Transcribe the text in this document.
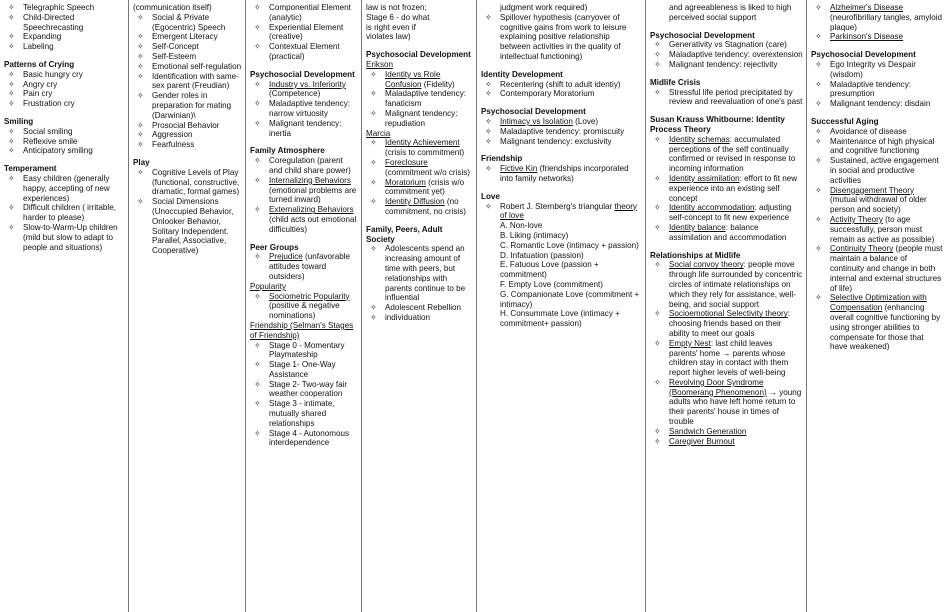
✧ Telegraphic Speech
✧ Child-Directed Speechrecasting
✧ Expanding
✧ Labeling
Patterns of Crying
✧ Basic hungry cry
✧ Angry cry
✧ Pain cry
✧ Frustration cry
Smiling
✧ Social smiling
✧ Reflexive smile
✧ Anticipatory smiling
Temperament
✧ Easy children (generally happy, accepting of new experiences)
✧ Difficult children ( irritable, harder to please)
✧ Slow-to-Warm-Up children (mild but slow to adapt to people and situations)
(communication itself)
✧ Social & Private (Egocentric) Speech
✧ Emergent Literacy
✧ Self-Concept
✧ Self-Esteem
✧ Emotional self-regulation
✧ Identification with same-sex parent (Freudian)
✧ Gender roles in preparation for mating (Darwinian)\
✧ Prosocial Behavior
✧ Aggression
✧ Fearfulness
Play
✧ Cognitive Levels of Play (functional, constructive, dramatic, formal games)
✧ Social Dimensions (Unoccupied Behavior, Onlooker Behavior, Solitary Independent. Parallel, Associative, Cooperative)
✧ Componential Element (analytic)
✧ Experiential Element (creative)
✧ Contextual Element (practical)
Psychosocial Development
✧ Industry vs. Inferiority (Competence)
✧ Maladaptive tendency: narrow virtuosity
✧ Malignant tendency: inertia
Family Atmosphere
✧ Coregulation (parent and child share power)
✧ Internalizing Behaviors (emotional problems are turned inward)
✧ Externalizing Behaviors (child acts out emotional difficulties)
Peer Groups
✧ Prejudice (unfavorable attitudes toward outsiders)
Popularity
✧ Sociometric Popularity (positive & negative nominations)
Friendship (Selman's Stages of Friendship)
✧ Stage 0 - Momentary Playmateship
✧ Stage 1- One-Way Assistance
✧ Stage 2- Two-way fair weather cooperation
✧ Stage 3 - intimate, mutually shared relationships
✧ Stage 4 - Autonomous interdependence
law is not frozen;
Stage 6 - do what
is right even if
violates law)
Psychosocial Development
Erikson
✧ Identity vs Role Confusion (Fidelity)
✧ Maladaptive tendency: fanaticism
✧ Malignant tendency: repudiation
Marcia
✧ Identity Achievement (crisis to commitment)
✧ Foreclosure (commitment w/o crisis)
✧ Moratorium (crisis w/o commitment yet)
✧ Identity Diffusion (no commitment, no crisis)
Family, Peers, Adult Society
✧ Adolescents spend an increasing amount of time with peers, but relationships with parents continue to be influential
✧ Adolescent Rebellion
✧ individuation
judgment work required)
✧ Spillover hypothesis (carryover of cognitive gains from work to leisure explaining positive relationship between activities in the quality of intellectual functioning)
Identity Development
✧ Recentering (shift to adult identiy)
✧ Contemporary Moratorium
Psychosocial Development
✧ Intimacy vs Isolation (Love)
✧ Maladaptive tendency: promiscuity
✧ Malignant tendency: exclusivity
Friendship
✧ Fictive Kin (friendships incorporated into family networks)
Love
✧ Robert J. Sternberg's triangular theory of love
A. Non-love
B. Liking (intimacy)
C. Romantic Love (intimacy + passion)
D. Infatuation (passion)
E. Fatuous Love (passion + commitment)
F. Empty Love (commitment)
G. Companionate Love (commitment + intimacy)
H. Consummate Love (intimacy + commitment+ passion)
and agreeableness is liked to high perceived social support
Psychosocial Development
✧ Generativity vs Stagnation (care)
✧ Maladaptive tendency: overextension
✧ Malignant tendency: rejectivity
Midlife Crisis
✧ Stressful life period precipitated by review and reevaluation of one's past
Susan Krauss Whitbourne: Identity Process Theory
✧ Identity schemas: accumulated perceptions of the self continually confirmed or revised in response to incoming information
✧ Identity assimilation: effort to fit new experience into an existing self concept
✧ Identity accommodation: adjusting self-concept to fit new experience
✧ Identity balance: balance assimilation and accommodation
Relationships at Midlife
✧ Social convoy theory: people move through life surrounded by concentric circles of intimate relationships on which they rely for assistance, well-being, and social support
✧ Socioemotional Selectivity theory: choosing friends based on their ability to meet our goals
✧ Empty Nest: last child leaves parents' home → parents whose children stay in contact with them report higher levels of well-being
✧ Revolving Door Syndrome (Boomerang Phenomenon) → young adults who have left home return to their parents' house in times of trouble
✧ Sandwich Generation
✧ Caregiver Burnout
✧ Alzheimer's Disease (neurofibrillary tangles, amyloid plaque)
✧ Parkinson's Disease
Psychosocial Development
✧ Ego Integrity vs Despair (wisdom)
✧ Maladaptive tendency: presumption
✧ Malignant tendency: disdain
Successful Aging
✧ Avoidance of disease
✧ Maintenance of high physical and cognitive functioning
✧ Sustained, active engagement in social and productive activities
✧ Disengagement Theory (mutual withdrawal of older person and society)
✧ Activity Theory (to age successfully, person must remain as active as possible)
✧ Continuity Theory (people must maintain a balance of continuity and change in both internal and external structures of life)
✧ Selective Optimization with Compensation (enhancing overall cognitive functioning by using stronger abilities to compensate for those that have weakened)
